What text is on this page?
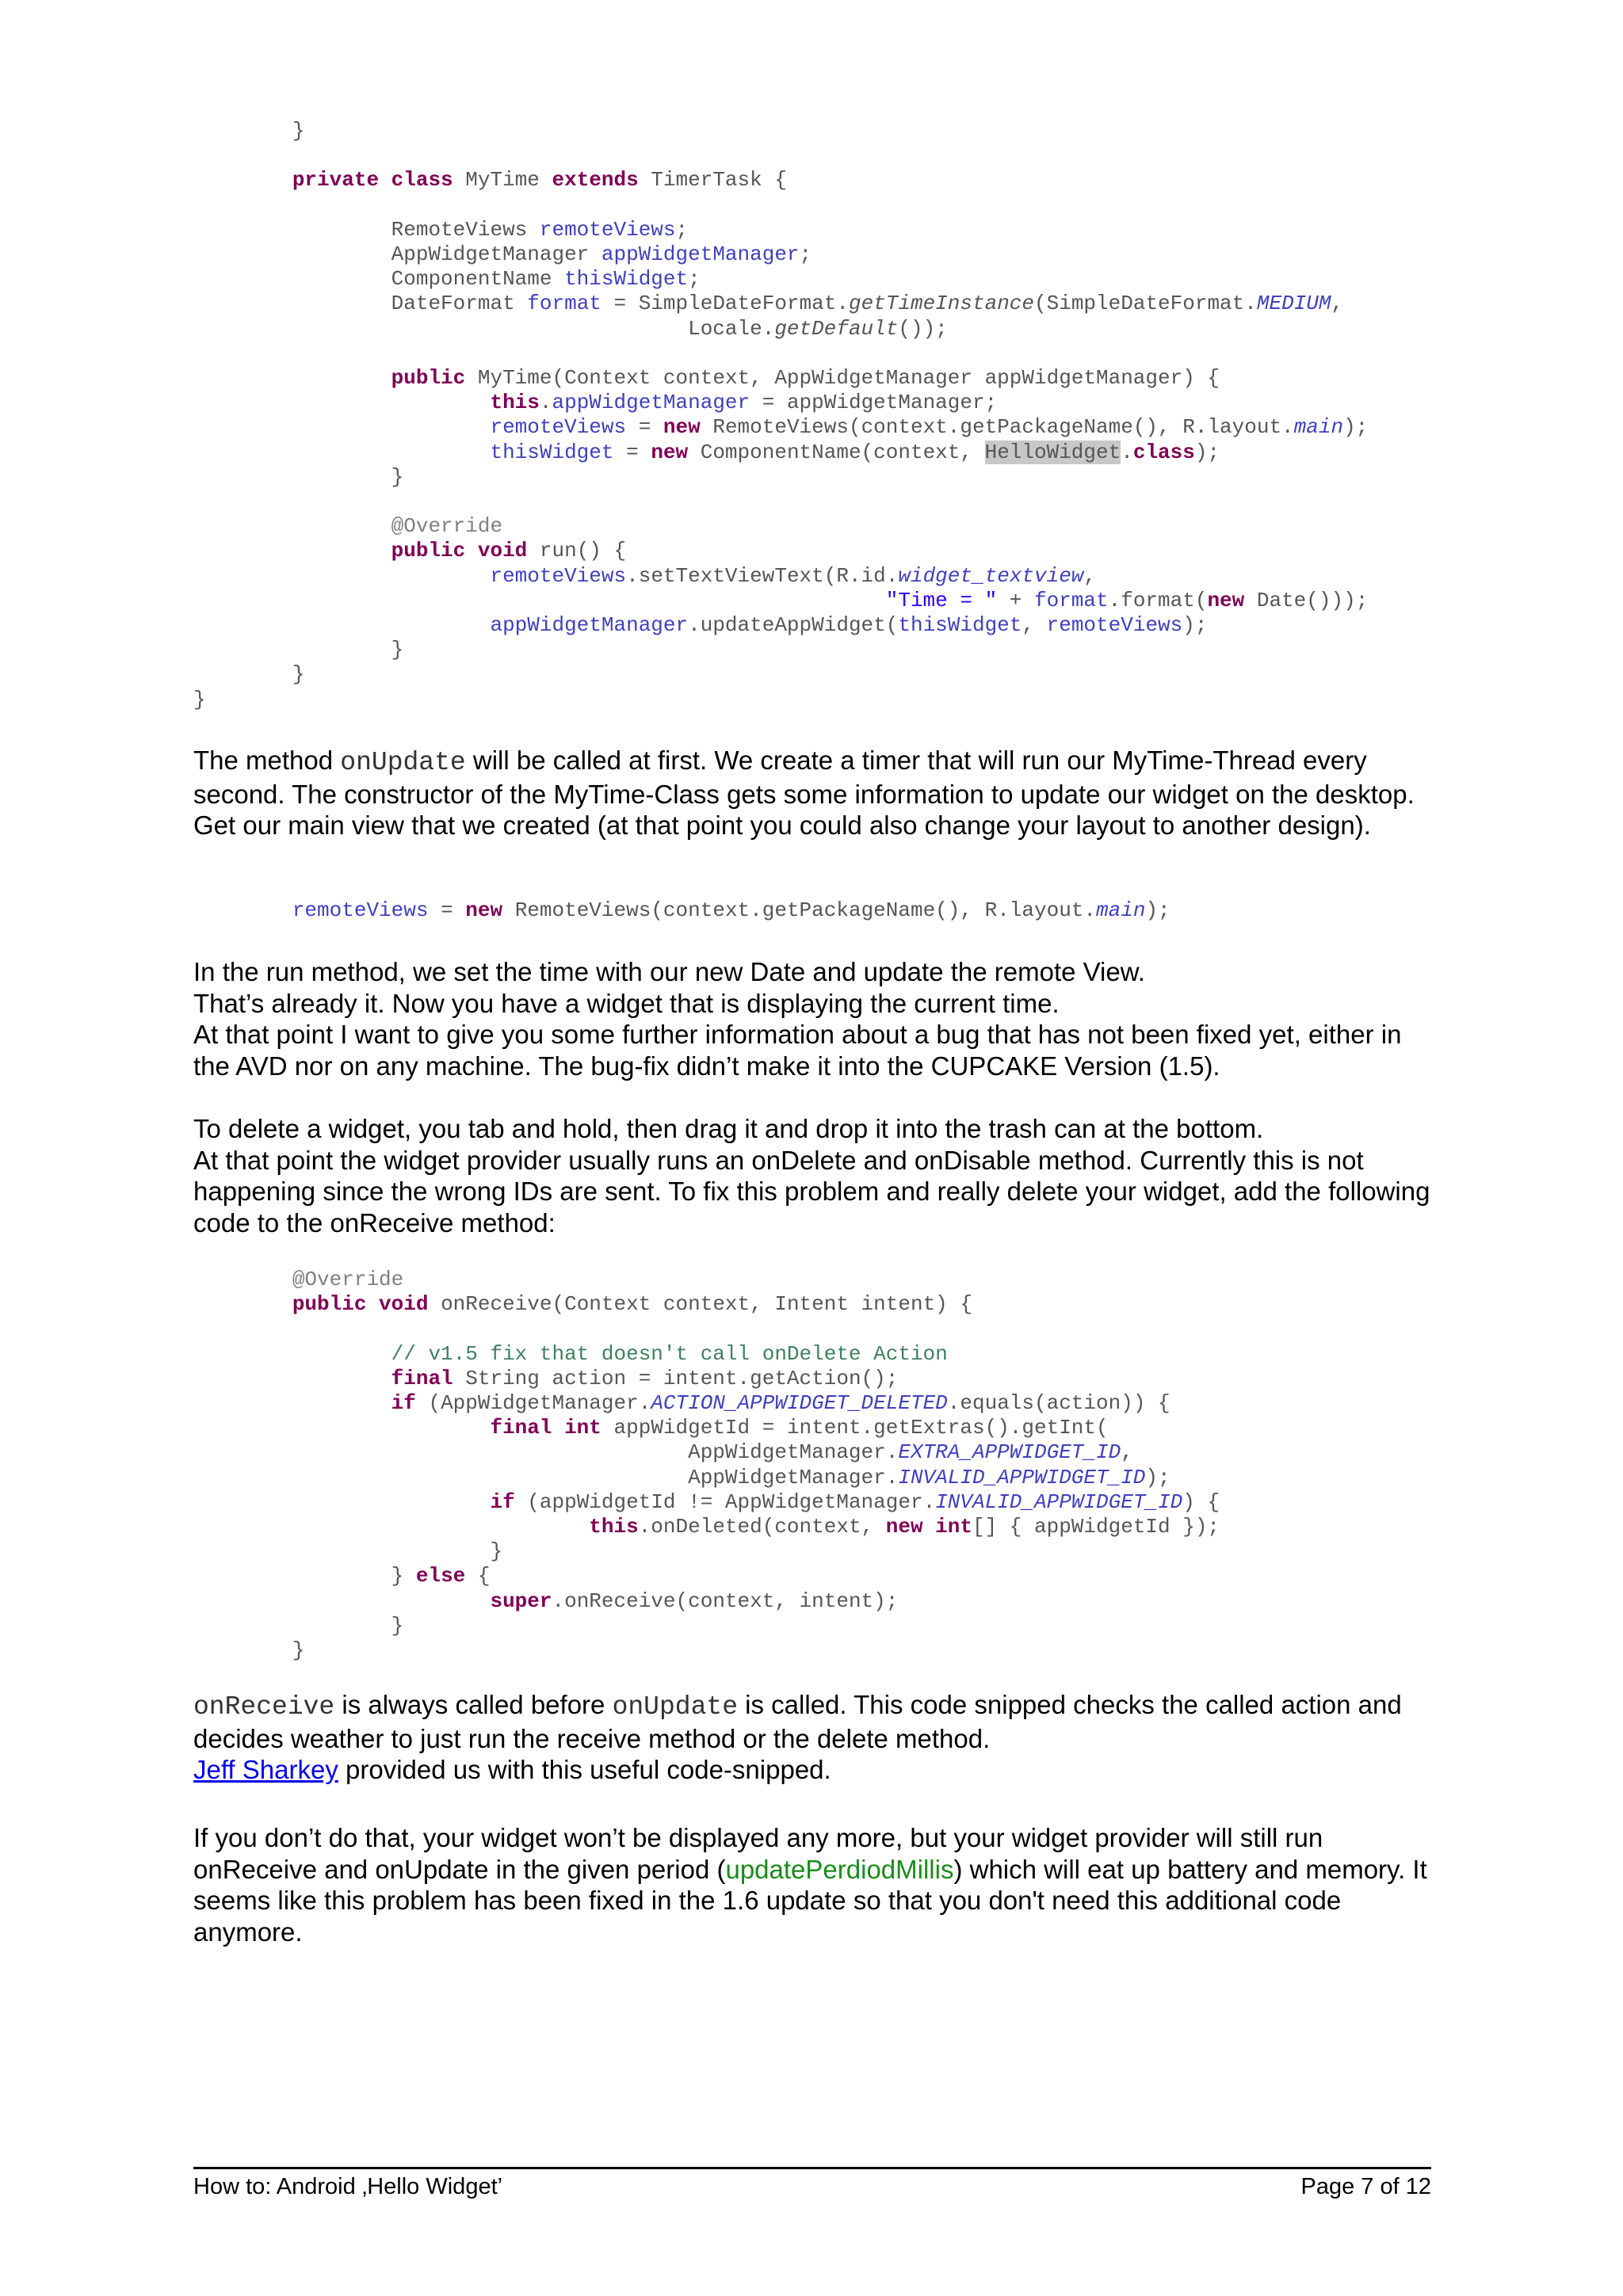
}

private class MyTime extends TimerTask {

RemoteViews remoteViews;
AppWidgetManager appWidgetManager;
ComponentName thisWidget;
DateFormat format = SimpleDateFormat.getTimeInstance(SimpleDateFormat.MEDIUM,
Locale.getDefault());

public MyTime(Context context, AppWidgetManager appWidgetManager) {
this.appWidgetManager = appWidgetManager;
remoteViews = new RemoteViews(context.getPackageName(), R.layout.main);
thisWidget = new ComponentName(context, HelloWidget.class);
}

@Override
public void run() {
remoteViews.setTextViewText(R.id.widget_textview,
"Time = " + format.format(new Date()));
appWidgetManager.updateAppWidget(thisWidget, remoteViews);
}
}
}

The method onUpdate will be called at first. We create a timer that will run our MyTime-Thread every second. The constructor of the MyTime-Class gets some information to update our widget on the desktop.

Get our main view that we created (at that point you could also change your layout to another design).

remoteViews = new RemoteViews(context.getPackageName(), R.layout.main);

In the run method, we set the time with our new Date and update the remote View.

That’s already it. Now you have a widget that is displaying the current time.

At that point I want to give you some further information about a bug that has not been fixed yet, either in the AVD nor on any machine. The bug-fix didn’t make it into the CUPCAKE Version (1.5).

To delete a widget, you tab and hold, then drag it and drop it into the trash can at the bottom.

At that point the widget provider usually runs an onDelete and onDisable method. Currently this is not happening since the wrong IDs are sent. To fix this problem and really delete your widget, add the following code to the onReceive method:

@Override
public void onReceive(Context context, Intent intent) {

// v1.5 fix that doesn't call onDelete Action
final String action = intent.getAction();
if (AppWidgetManager.ACTION_APPWIDGET_DELETED.equals(action)) {
final int appWidgetId = intent.getExtras().getInt(
AppWidgetManager.EXTRA_APPWIDGET_ID,
AppWidgetManager.INVALID_APPWIDGET_ID);
if (appWidgetId != AppWidgetManager.INVALID_APPWIDGET_ID) {
this.onDeleted(context, new int[] { appWidgetId });
}
} else {
super.onReceive(context, intent);
}
}

onReceive is always called before onUpdate is called. This code snipped checks the called action and decides weather to just run the receive method or the delete method.

Jeff Sharkey provided us with this useful code-snipped.

If you don’t do that, your widget won’t be displayed any more, but your widget provider will still run onReceive and onUpdate in the given period (updatePerdiodMillis) which will eat up battery and memory. It seems like this problem has been fixed in the 1.6 update so that you don't need this additional code anymore.

How to: Android ‚Hello Widget’	Page 7 of 12
